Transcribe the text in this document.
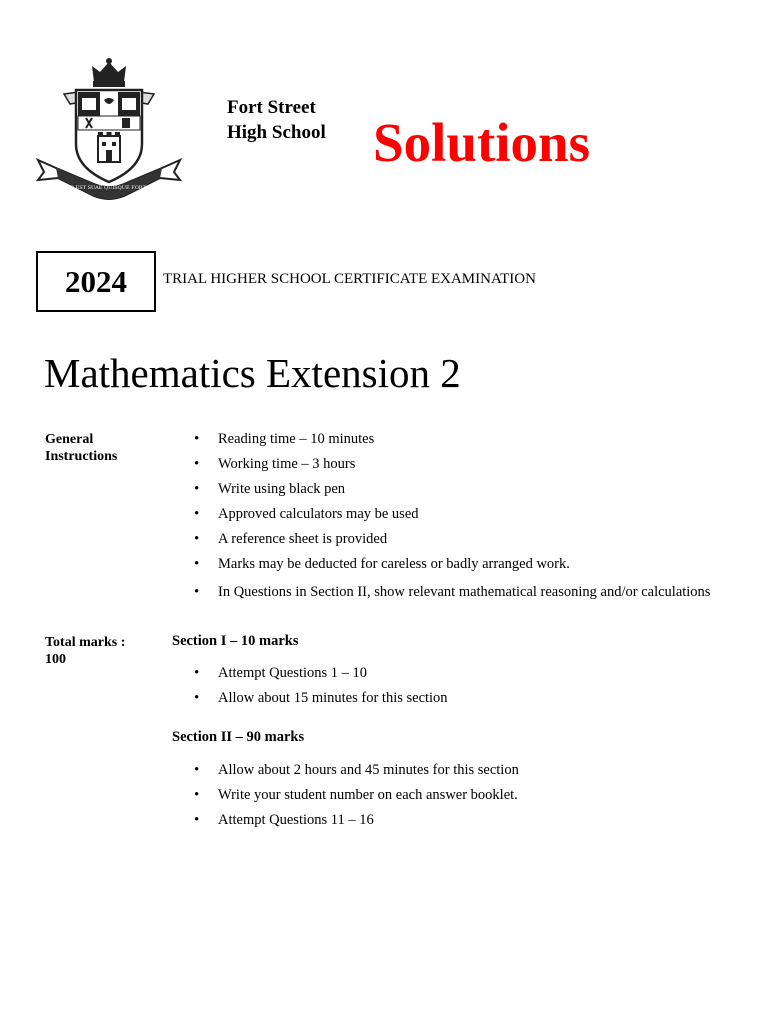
FABER EST SUAE QUISQUE FORTUNAE
1849
Fort Street
High School Solutions
2024 TRIAL HIGHER SCHOOL CERTIFICATE EXAMINATION
Mathematics Extension 2
General
Instructions
• Reading time – 10 minutes
• Working time – 3 hours
• Write using black pen
• Approved calculators may be used
• A reference sheet is provided
• Marks may be deducted for careless or badly arranged work.
• In Questions in Section II, show relevant mathematical reasoning and/or calculations
Total marks :
100
Section I – 10 marks
• Attempt Questions 1 – 10
• Allow about 15 minutes for this section
Section II – 90 marks
• Allow about 2 hours and 45 minutes for this section
• Write your student number on each answer booklet.
• Attempt Questions 11 – 16
